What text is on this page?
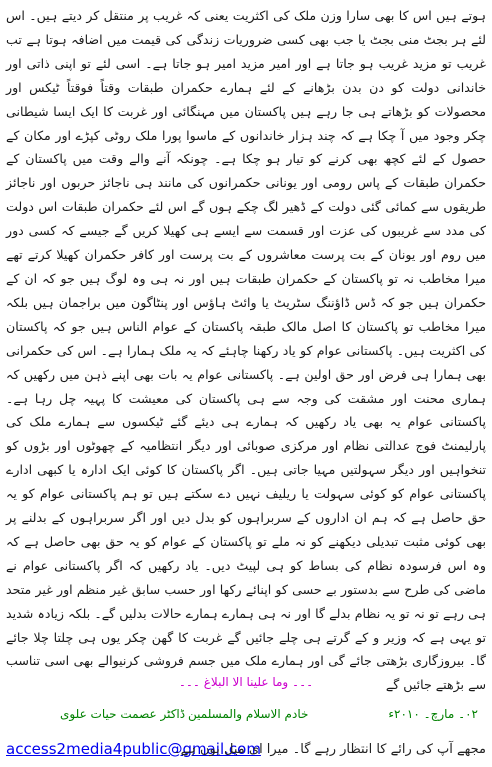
ہوتے ہیں اس کا بھی سارا وزن ملک کی اکثریت یعنی کہ غریب پر منتقل کر دیتے ہیں۔ اس لئے ہر بجٹ منی بجٹ یا جب بھی کسی ضروریات زندگی کی قیمت میں اضافہ ہوتا ہے تب غریب تو مزید غریب ہو جاتا ہے اور امیر مزید امیر ہو جاتا ہے۔ اسی لئے تو اپنی ذاتی اور خاندانی دولت کو دن بدن بڑھانے کے لئے ہمارے حکمران طبقات وقتاً فوقتاً ٹیکس اور محصولات کو بڑھاتے ہی جا رہے ہیں پاکستان میں مہنگائی اور غربت کا ایک ایسا شیطانی چکر وجود میں آ چکا ہے کہ چند ہزار خاندانوں کے ماسوا پورا ملک روٹی کپڑے اور مکان کے حصول کے لئے کچھ بھی کرنے کو تیار ہو چکا ہے۔ چونکہ آنے والے وقت میں پاکستان کے حکمران طبقات کے پاس رومی اور یونانی حکمرانوں کی مانند ہی ناجائز حربوں اور ناجائز طریقوں سے کمائی گئی دولت کے ڈھیر لگ چکے ہوں گے اس لئے حکمران طبقات اس دولت کی مدد سے غریبوں کی عزت اور قسمت سے ایسے ہی کھیلا کریں گے جیسے کہ کسی دور میں روم اور یونان کے بت پرست معاشروں کے بت پرست اور کافر حکمران کھیلا کرتے تھے میرا مخاطب نہ تو پاکستان کے حکمران طبقات ہیں اور نہ ہی وہ لوگ ہیں جو کہ ان کے حکمران ہیں جو کہ ڈس ڈاؤننگ سٹریٹ یا وائٹ ہاؤس اور پنٹاگون میں براجمان ہیں بلکہ میرا مخاطب تو پاکستان کا اصل مالک طبقہ پاکستان کے عوام الناس ہیں جو کہ پاکستان کی اکثریت ہیں۔ پاکستانی عوام کو یاد رکھنا چاہئے کہ یہ ملک ہمارا ہے۔ اس کی حکمرانی بھی ہمارا ہی فرض اور حق اولین ہے۔ پاکستانی عوام یہ بات بھی اپنے ذہن میں رکھیں کہ ہماری محنت اور مشقت کی وجہ سے ہی پاکستان کی معیشت کا پہیہ چل رہا ہے۔ پاکستانی عوام یہ بھی یاد رکھیں کہ ہمارے ہی دیئے گئے ٹیکسوں سے ہمارے ملک کی پارلیمنٹ فوج عدالتی نظام اور مرکزی صوبائی اور دیگر انتظامیہ کے چھوٹوں اور بڑوں کو تنخواہیں اور دیگر سہولتیں مہیا جاتی ہیں۔ اگر پاکستان کا کوئی ایک ادارہ یا کبھی ادارے پاکستانی عوام کو کوئی سہولت یا ریلیف نہیں دے سکتے ہیں تو ہم پاکستانی عوام کو یہ حق حاصل ہے کہ ہم ان اداروں کے سربراہوں کو بدل دیں اور اگر سربراہوں کے بدلنے پر بھی کوئی مثبت تبدیلی دیکھنے کو نہ ملے تو پاکستان کے عوام کو یہ حق بھی حاصل ہے کہ وہ اس فرسودہ نظام کی بساط کو ہی لپیٹ دیں۔ یاد رکھیں کہ اگر پاکستانی عوام نے ماضی کی طرح سے بدستور بے حسی کو اپنائے رکھا اور حسب سابق غیر منظم اور غیر متحد ہی رہے تو نہ تو یہ نظام بدلے گا اور نہ ہی ہمارے ہمارے حالات بدلیں گے۔ بلکہ زیادہ شدید تو یہی ہے کہ وزیر و کے گرتے ہی چلے جائیں گے غربت کا گھن چکر یوں ہی چلتا چلا جائے گا۔ بیروزگاری بڑھتی جائے گی اور ہمارے ملک میں جسم فروشی کرنیوالے بھی اسی تناسب سے بڑھتے جائیں گے

۔۔۔ وما علینا الا البلاغ ۔۔۔
خادم الاسلام والمسلمین
ڈاکٹر عصمت حیات علوی	۰۲۔ مارچ۔ ۲۰۱۰ء
access2media4public@gmail.com
مجھے آپ کی رائے کا انتظار رہے گا۔ میرا ای میل یوں ہے۔
